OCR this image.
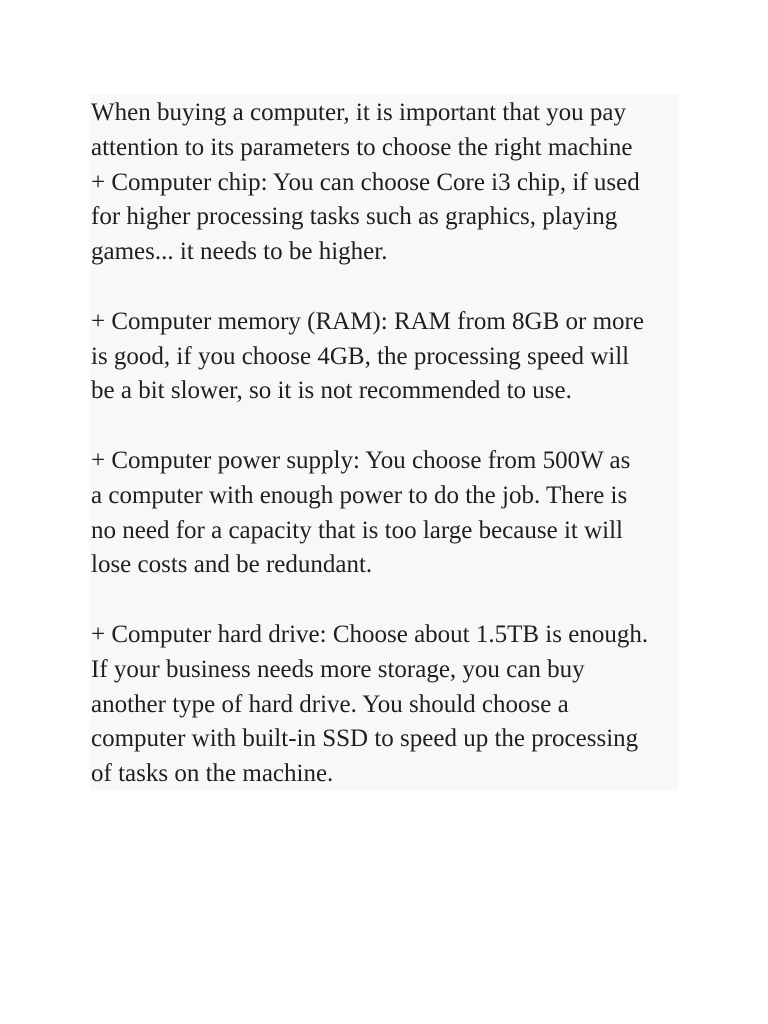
When buying a computer, it is important that you pay
attention to its parameters to choose the right machine
+ Computer chip: You can choose Core i3 chip, if used
for higher processing tasks such as graphics, playing
games... it needs to be higher.

+ Computer memory (RAM): RAM from 8GB or more
is good, if you choose 4GB, the processing speed will
be a bit slower, so it is not recommended to use.

+ Computer power supply: You choose from 500W as
a computer with enough power to do the job. There is
no need for a capacity that is too large because it will
lose costs and be redundant.

+ Computer hard drive: Choose about 1.5TB is enough.
If your business needs more storage, you can buy
another type of hard drive. You should choose a
computer with built-in SSD to speed up the processing
of tasks on the machine.
